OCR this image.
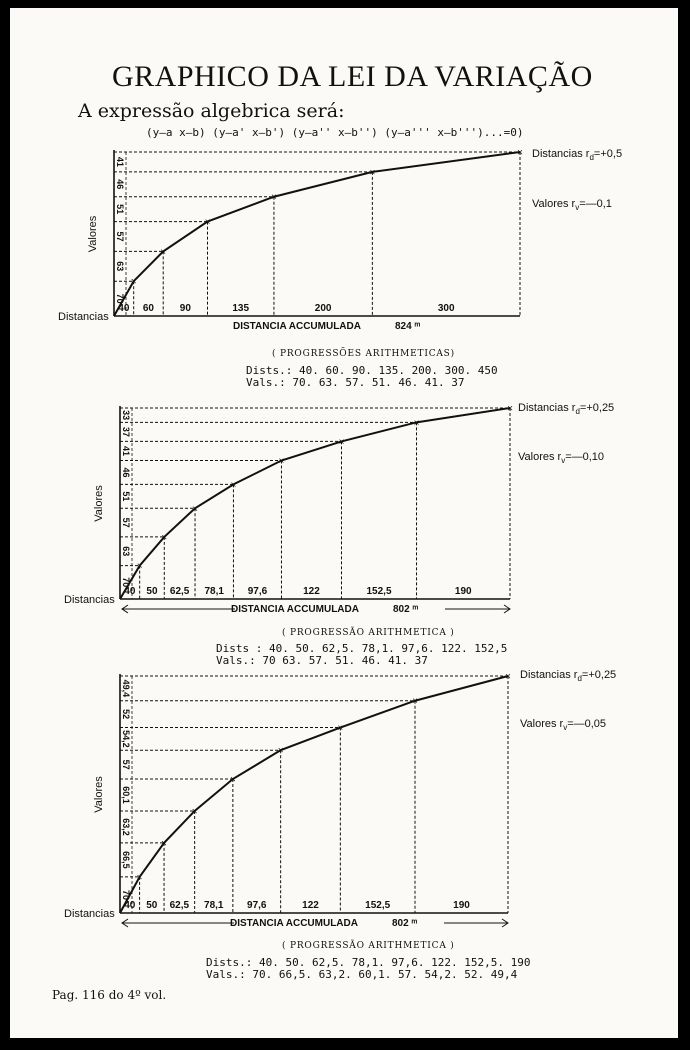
GRAPHICO DA LEI DA VARIAÇÃO
A expressão algebrica será:
(y—a x—b) (y—a' x—b') (y—a'' x—b'') (y—a''' x—b''')...=0)
×
×
×
×
×
×
70
63
57
51
46
41
40 60	90	135	200	300
DISTANCIA ACCUMULADA	824 ᵐ
Distancias
Valores
Distancias $r_d=+0,5$
Valores $r_v=—0,1$
×
×
×
×
×
×
×
×
70
63
57
51
46
41
37
33
40 50 62,5 78,1 97,6	122	152,5	190
DISTANCIA ACCUMULADA	802 ᵐ
Distancias
Valores
Distancias $r_d=+0,25$
Valores $r_v=—0,10$
×
×
×
×
×
×
×
×
70
66,5
63,2
60,1
57
54,2
52
49,4
40 50 62,5 78,1 97,6	122	152,5	190
DISTANCIA ACCUMULADA	802 ᵐ
Distancias
Valores
Distancias $r_d=+0,25$
Valores $r_v=—0,05$
( PROGRESSÕES ARITHMETICAS)
Dists.: 40. 60. 90. 135. 200. 300. 450
Vals.: 70. 63. 57. 51. 46. 41. 37
( PROGRESSÃO ARITHMETICA )
Dists : 40. 50. 62,5. 78,1. 97,6. 122. 152,5
Vals.: 70 63. 57. 51. 46. 41. 37
( PROGRESSÃO ARITHMETICA )
Dists.: 40. 50. 62,5. 78,1. 97,6. 122. 152,5. 190
Vals.: 70. 66,5. 63,2. 60,1. 57. 54,2. 52. 49,4
Pag. 116 do 4º vol.
